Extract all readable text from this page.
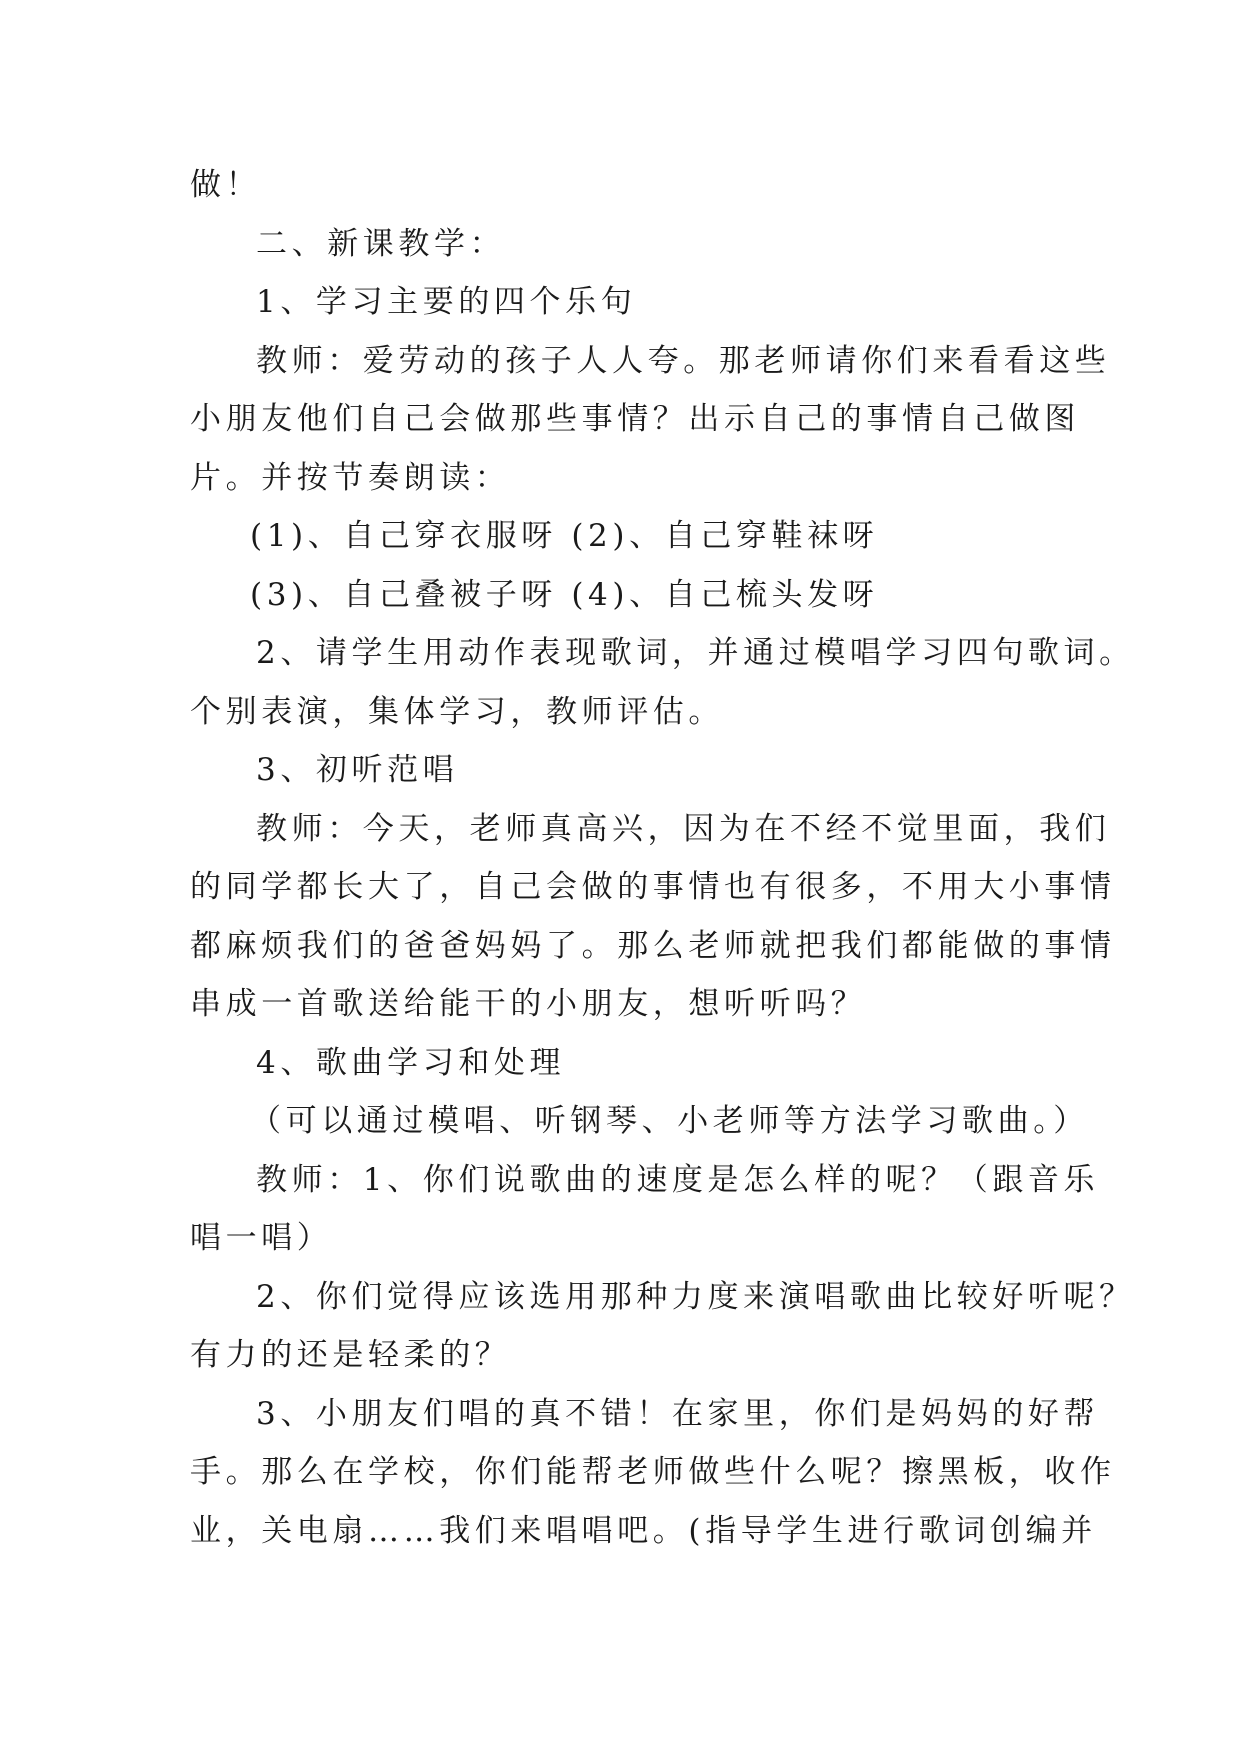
做！
二、新课教学：
1、学习主要的四个乐句
教师：爱劳动的孩子人人夸。那老师请你们来看看这些
小朋友他们自己会做那些事情？出示自己的事情自己做图
片。并按节奏朗读：
(1)、自己穿衣服呀 (2)、自己穿鞋袜呀
(3)、自己叠被子呀 (4)、自己梳头发呀
2、请学生用动作表现歌词，并通过模唱学习四句歌词。
个别表演，集体学习，教师评估。
3、初听范唱
教师：今天，老师真高兴，因为在不经不觉里面，我们
的同学都长大了，自己会做的事情也有很多，不用大小事情
都麻烦我们的爸爸妈妈了。那么老师就把我们都能做的事情
串成一首歌送给能干的小朋友，想听听吗？
4、歌曲学习和处理
（可以通过模唱、听钢琴、小老师等方法学习歌曲。）
教师：1、你们说歌曲的速度是怎么样的呢？（跟音乐
唱一唱）
2、你们觉得应该选用那种力度来演唱歌曲比较好听呢？
有力的还是轻柔的？
3、小朋友们唱的真不错！在家里，你们是妈妈的好帮
手。那么在学校，你们能帮老师做些什么呢？擦黑板，收作
业，关电扇……我们来唱唱吧。(指导学生进行歌词创编并
